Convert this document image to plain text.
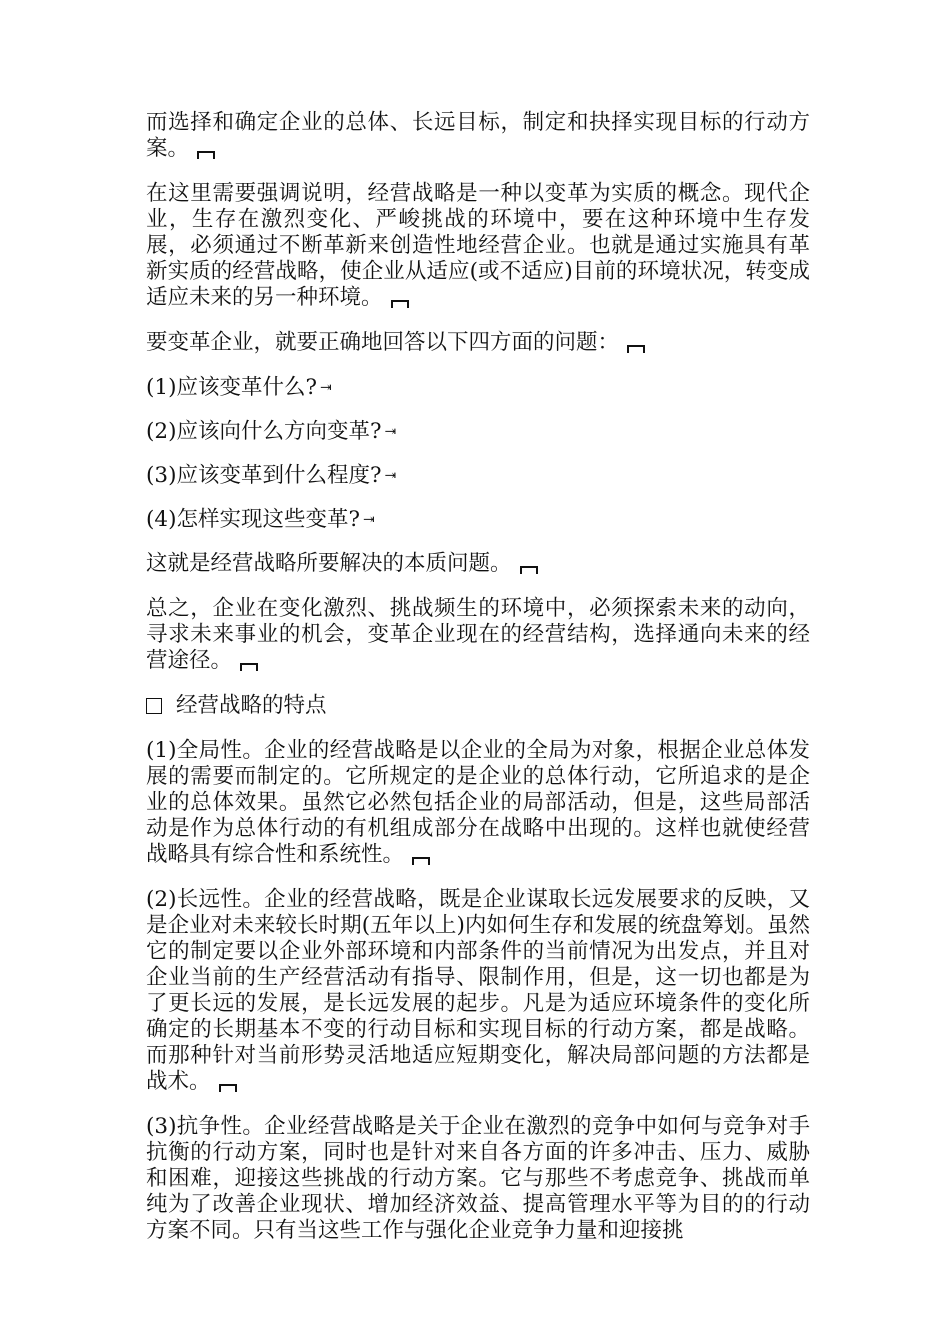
而选择和确定企业的总体、长远目标，制定和抉择实现目标的行动方案。

在这里需要强调说明，经营战略是一种以变革为实质的概念。现代企业，生存在激烈变化、严峻挑战的环境中，要在这种环境中生存发展，必须通过不断革新来创造性地经营企业。也就是通过实施具有革新实质的经营战略，使企业从适应(或不适应)目前的环境状况，转变成适应未来的另一种环境。

要变革企业，就要正确地回答以下四方面的问题：

(1)应该变革什么? ⇥

(2)应该向什么方向变革? ⇥

(3)应该变革到什么程度? ⇥

(4)怎样实现这些变革? ⇥

这就是经营战略所要解决的本质问题。

总之，企业在变化激烈、挑战频生的环境中，必须探索未来的动向，寻求未来事业的机会，变革企业现在的经营结构，选择通向未来的经营途径。

经营战略的特点

(1)全局性。企业的经营战略是以企业的全局为对象，根据企业总体发展的需要而制定的。它所规定的是企业的总体行动，它所追求的是企业的总体效果。虽然它必然包括企业的局部活动，但是，这些局部活动是作为总体行动的有机组成部分在战略中出现的。这样也就使经营战略具有综合性和系统性。

(2)长远性。企业的经营战略，既是企业谋取长远发展要求的反映，又是企业对未来较长时期(五年以上)内如何生存和发展的统盘筹划。虽然它的制定要以企业外部环境和内部条件的当前情况为出发点，并且对企业当前的生产经营活动有指导、限制作用，但是，这一切也都是为了更长远的发展，是长远发展的起步。凡是为适应环境条件的变化所确定的长期基本不变的行动目标和实现目标的行动方案，都是战略。而那种针对当前形势灵活地适应短期变化，解决局部问题的方法都是战术。

(3)抗争性。企业经营战略是关于企业在激烈的竞争中如何与竞争对手抗衡的行动方案，同时也是针对来自各方面的许多冲击、压力、威胁和困难，迎接这些挑战的行动方案。它与那些不考虑竞争、挑战而单纯为了改善企业现状、增加经济效益、提高管理水平等为目的的行动方案不同。只有当这些工作与强化企业竞争力量和迎接挑
